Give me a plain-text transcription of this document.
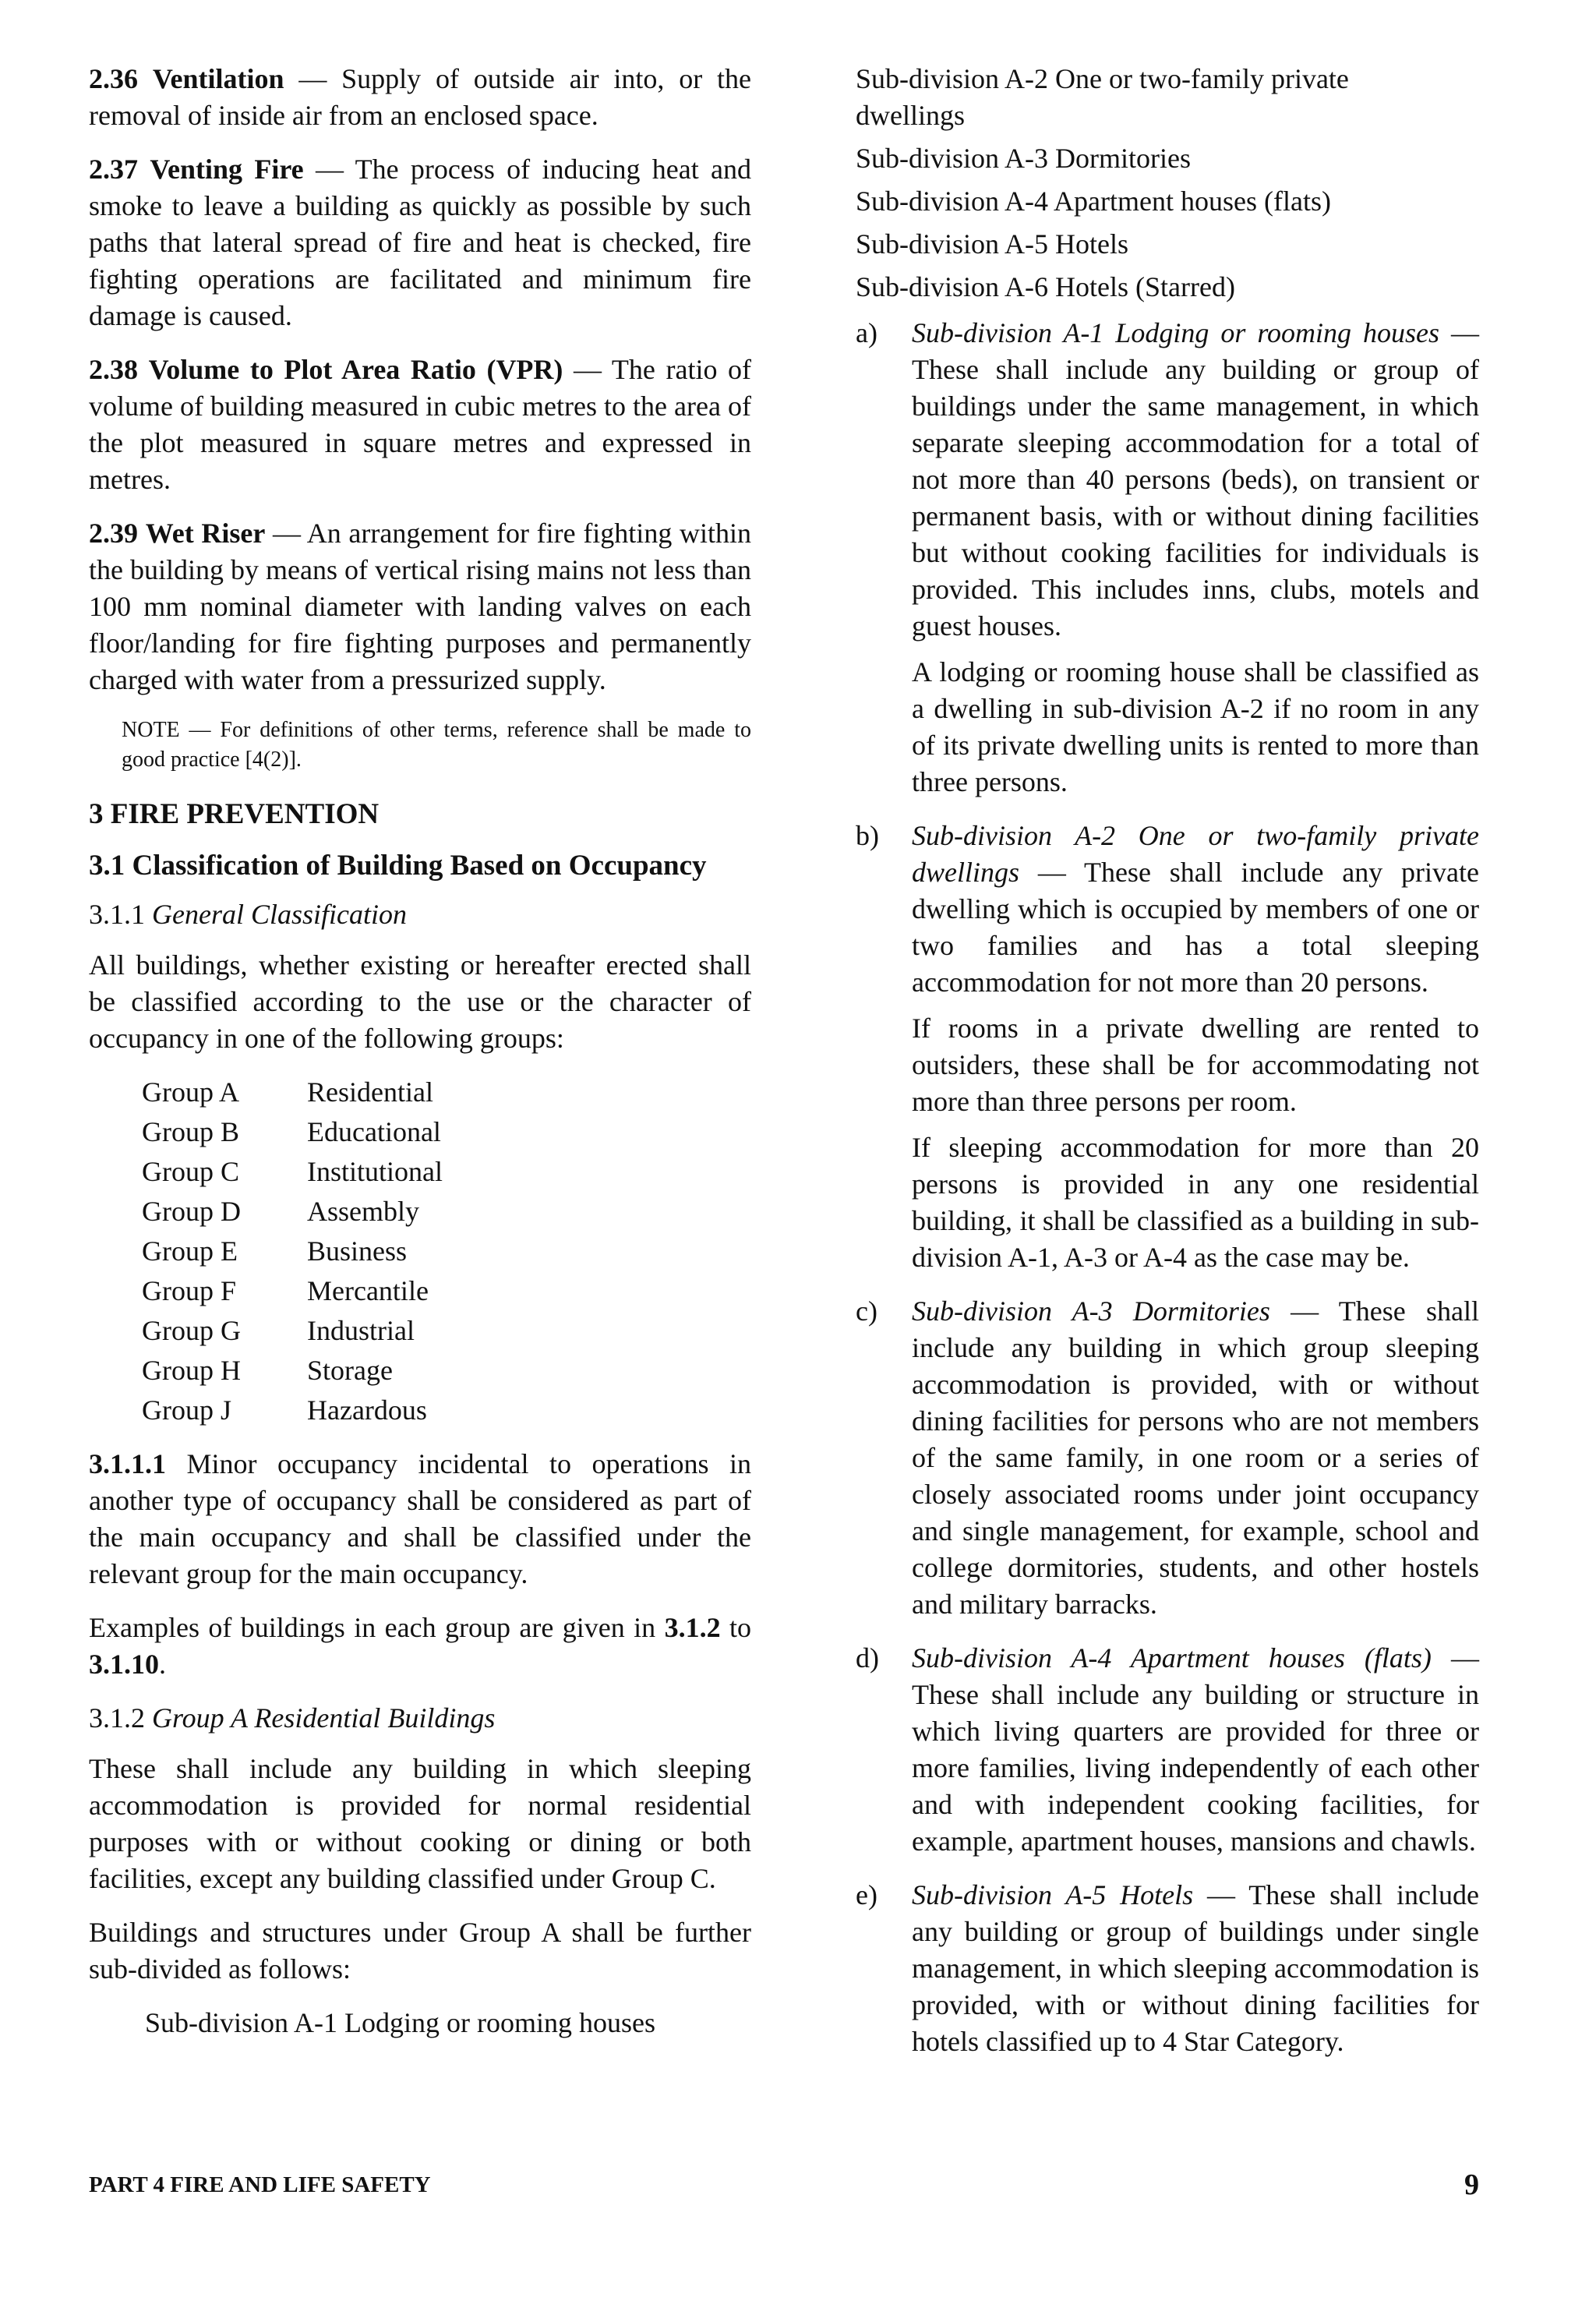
2.36 Ventilation — Supply of outside air into, or the removal of inside air from an enclosed space.

2.37 Venting Fire — The process of inducing heat and smoke to leave a building as quickly as possible by such paths that lateral spread of fire and heat is checked, fire fighting operations are facilitated and minimum fire damage is caused.

2.38 Volume to Plot Area Ratio (VPR) — The ratio of volume of building measured in cubic metres to the area of the plot measured in square metres and expressed in metres.

2.39 Wet Riser — An arrangement for fire fighting within the building by means of vertical rising mains not less than 100 mm nominal diameter with landing valves on each floor/landing for fire fighting purposes and permanently charged with water from a pressurized supply.

NOTE — For definitions of other terms, reference shall be made to good practice [4(2)].

3 FIRE PREVENTION
3.1 Classification of Building Based on Occupancy

3.1.1 General Classification

All buildings, whether existing or hereafter erected shall be classified according to the use or the character of occupancy in one of the following groups:

Group A	Residential
Group B	Educational
Group C	Institutional
Group D	Assembly
Group E	Business
Group F	Mercantile
Group G	Industrial
Group H	Storage
Group J	Hazardous

3.1.1.1 Minor occupancy incidental to operations in another type of occupancy shall be considered as part of the main occupancy and shall be classified under the relevant group for the main occupancy.

Examples of buildings in each group are given in 3.1.2 to 3.1.10.

3.1.2 Group A Residential Buildings

These shall include any building in which sleeping accommodation is provided for normal residential purposes with or without cooking or dining or both facilities, except any building classified under Group C.

Buildings and structures under Group A shall be further sub-divided as follows:

Sub-division A-1 Lodging or rooming houses

Sub-division A-2 One or two-family private
dwellings

Sub-division A-3 Dormitories

Sub-division A-4 Apartment houses (flats)

Sub-division A-5 Hotels

Sub-division A-6 Hotels (Starred)

a)	Sub-division A-1 Lodging or rooming houses — These shall include any building or group of buildings under the same management, in which separate sleeping accommodation for a total of not more than 40 persons (beds), on transient or permanent basis, with or without dining facilities but without cooking facilities for individuals is provided. This includes inns, clubs, motels and guest houses.

A lodging or rooming house shall be classified as a dwelling in sub-division A-2 if no room in any of its private dwelling units is rented to more than three persons.

b)	Sub-division A-2 One or two-family private dwellings — These shall include any private dwelling which is occupied by members of one or two families and has a total sleeping accommodation for not more than 20 persons.

If rooms in a private dwelling are rented to outsiders, these shall be for accommodating not more than three persons per room.

If sleeping accommodation for more than 20 persons is provided in any one residential building, it shall be classified as a building in sub-division A-1, A-3 or A-4 as the case may be.

c)	Sub-division A-3 Dormitories — These shall include any building in which group sleeping accommodation is provided, with or without dining facilities for persons who are not members of the same family, in one room or a series of closely associated rooms under joint occupancy and single management, for example, school and college dormitories, students, and other hostels and military barracks.

d)	Sub-division A-4 Apartment houses (flats) — These shall include any building or structure in which living quarters are provided for three or more families, living independently of each other and with independent cooking facilities, for example, apartment houses, mansions and chawls.

e)	Sub-division A-5 Hotels — These shall include any building or group of buildings under single management, in which sleeping accommodation is provided, with or without dining facilities for hotels classified up to 4 Star Category.

PART 4 FIRE AND LIFE SAFETY	9
